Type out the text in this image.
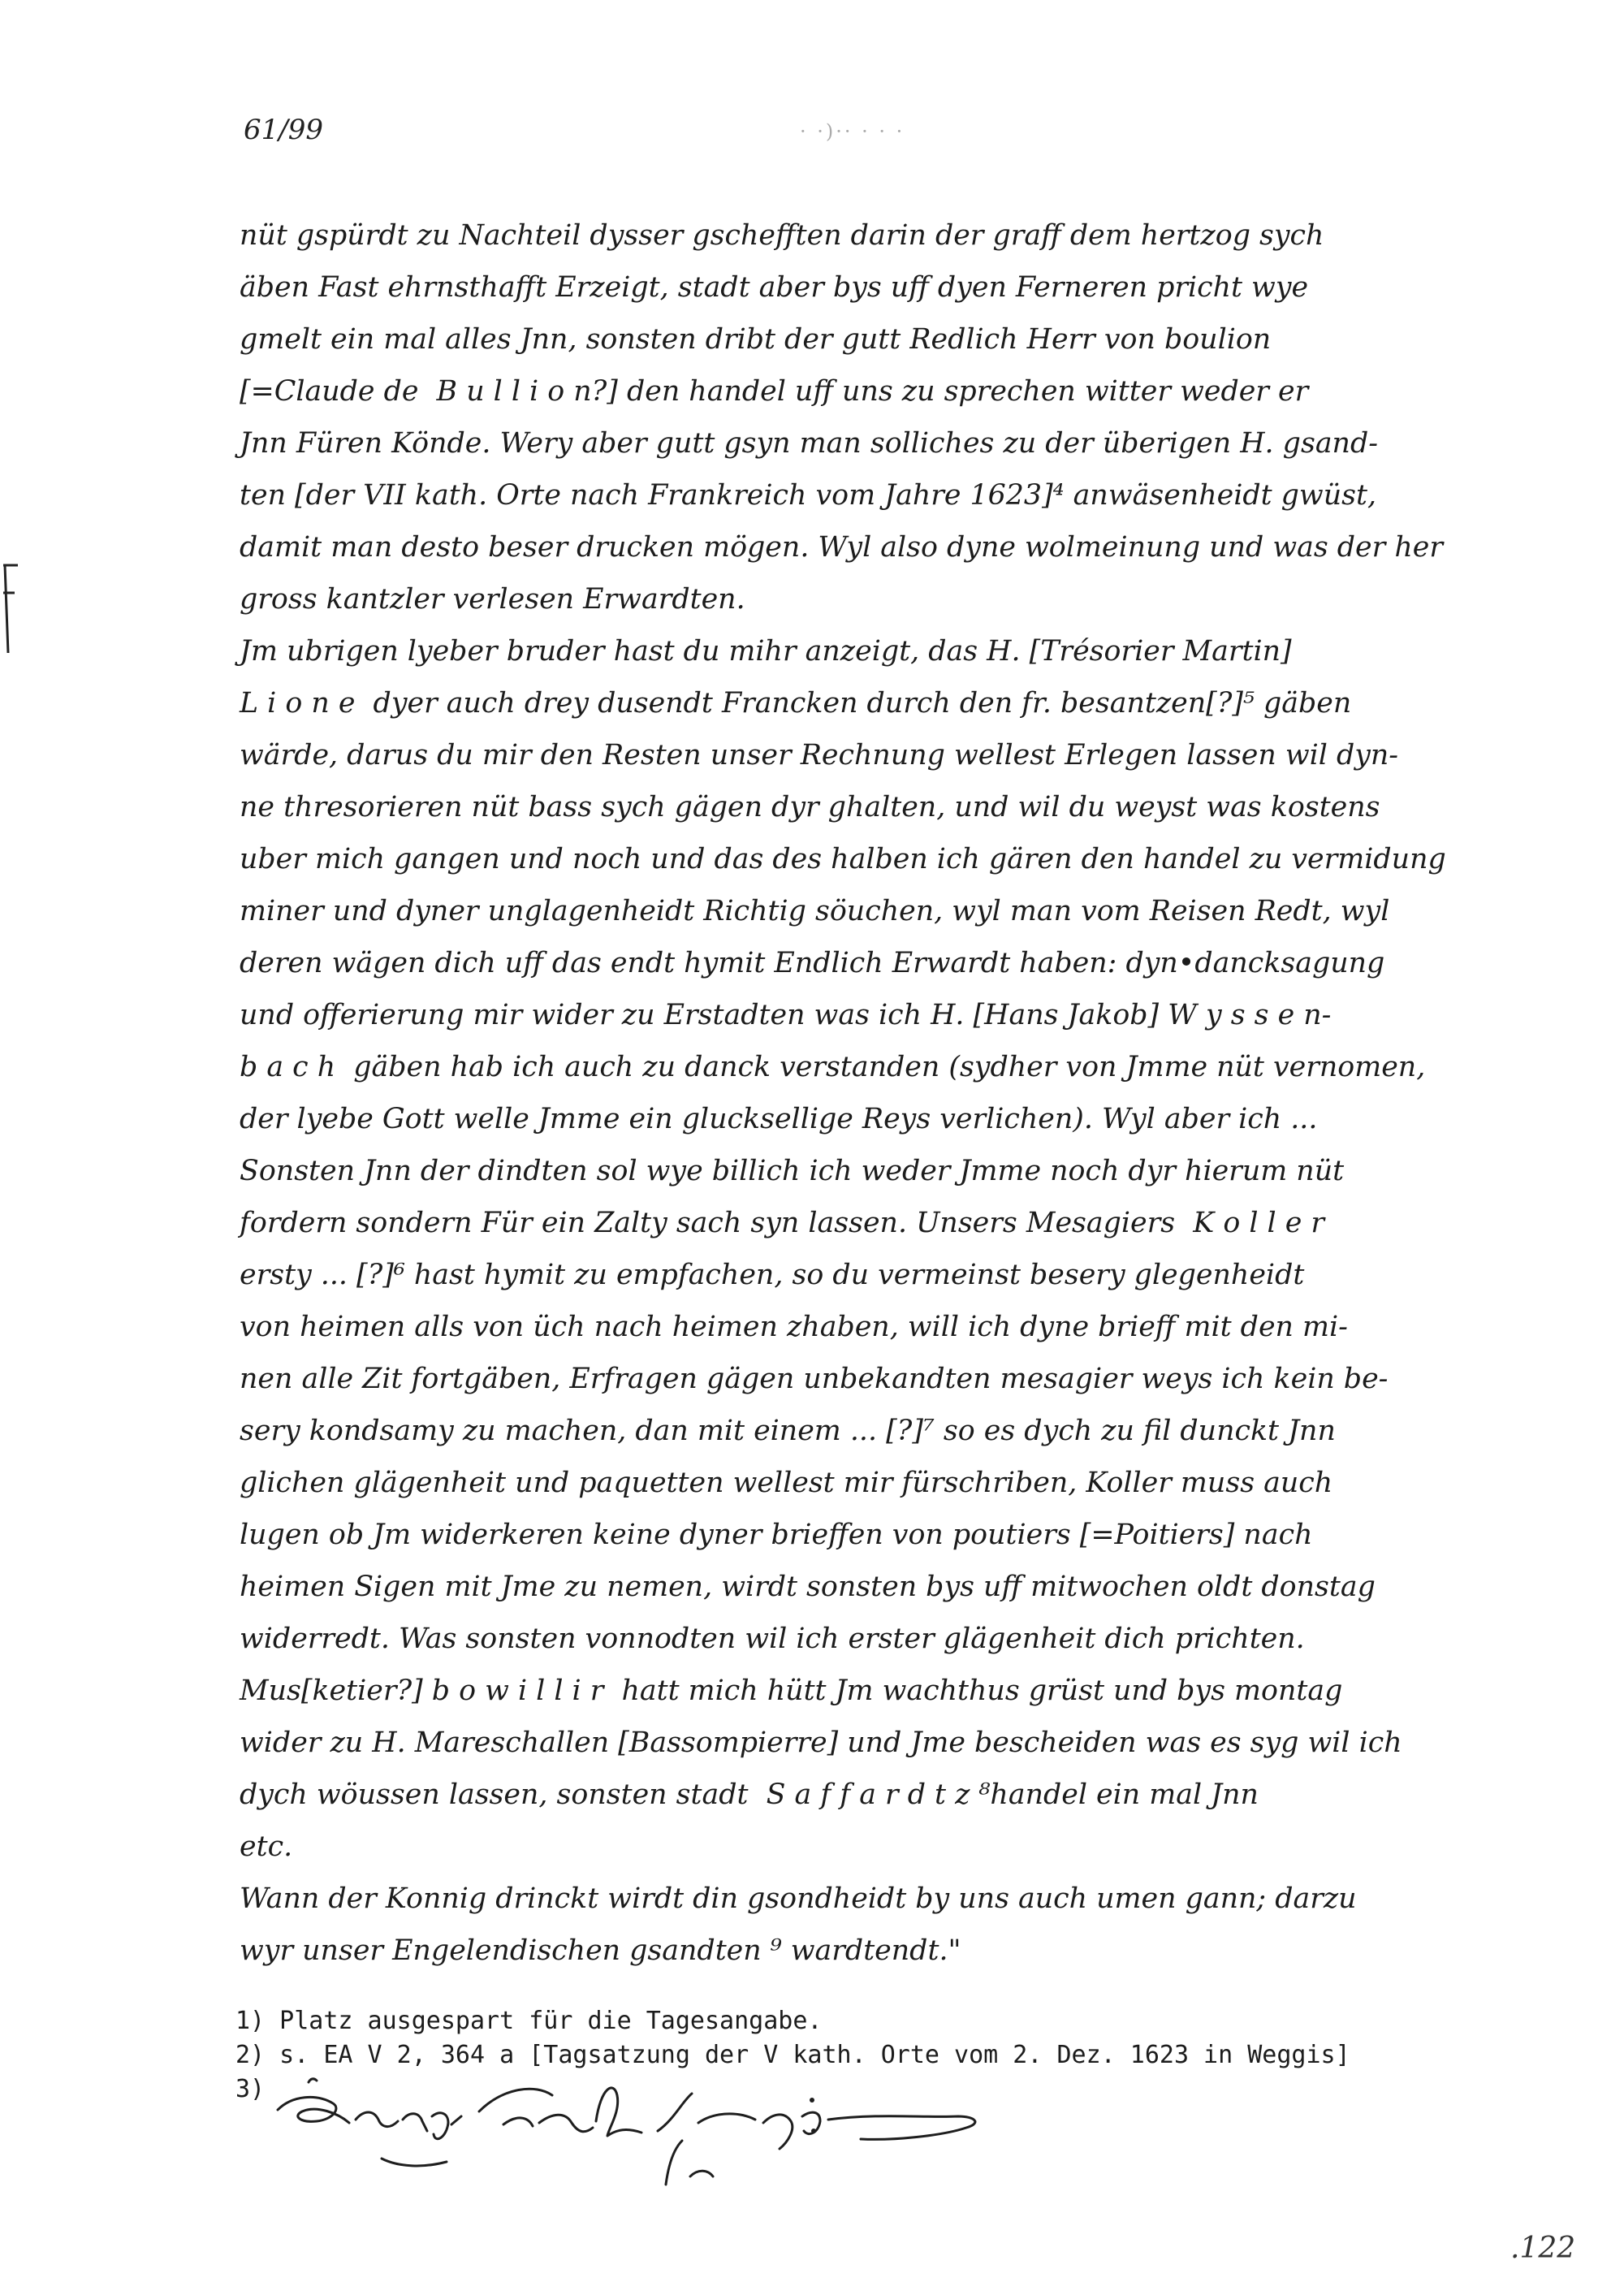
61/99	· ·)·· · · ·
nüt gspürdt zu Nachteil dysser gschefften darin der graff dem hertzog sych
äben Fast ehrnsthafft Erzeigt, stadt aber bys uff dyen Ferneren pricht wye
gmelt ein mal alles Jnn, sonsten dribt der gutt Redlich Herr von boulion
[=Claude de  B u l l i o n?] den handel uff uns zu sprechen witter weder er
Jnn Füren Könde. Wery aber gutt gsyn man solliches zu der überigen H. gsand-
ten [der VII kath. Orte nach Frankreich vom Jahre 1623]⁴ anwäsenheidt gwüst,
damit man desto beser drucken mögen. Wyl also dyne wolmeinung und was der her
gross kantzler verlesen Erwardten.
Jm ubrigen lyeber bruder hast du mihr anzeigt, das H. [Trésorier Martin]
L i o n e  dyer auch drey dusendt Francken durch den fr. besantzen[?]⁵ gäben
wärde, darus du mir den Resten unser Rechnung wellest Erlegen lassen wil dyn-
ne thresorieren nüt bass sych gägen dyr ghalten, und wil du weyst was kostens
uber mich gangen und noch und das des halben ich gären den handel zu vermidung
miner und dyner unglagenheidt Richtig söuchen, wyl man vom Reisen Redt, wyl
deren wägen dich uff das endt hymit Endlich Erwardt haben: dyn•dancksagung
und offerierung mir wider zu Erstadten was ich H. [Hans Jakob] W y s s e n-
b a c h  gäben hab ich auch zu danck verstanden (sydher von Jmme nüt vernomen,
der lyebe Gott welle Jmme ein glucksellige Reys verlichen). Wyl aber ich ...
Sonsten Jnn der dindten sol wye billich ich weder Jmme noch dyr hierum nüt
fordern sondern Für ein Zalty sach syn lassen. Unsers Mesagiers  K o l l e r
ersty ... [?]⁶ hast hymit zu empfachen, so du vermeinst besery glegenheidt
von heimen alls von üch nach heimen zhaben, will ich dyne brieff mit den mi-
nen alle Zit fortgäben, Erfragen gägen unbekandten mesagier weys ich kein be-
sery kondsamy zu machen, dan mit einem ... [?]⁷ so es dych zu fil dunckt Jnn
glichen glägenheit und paquetten wellest mir fürschriben, Koller muss auch
lugen ob Jm widerkeren keine dyner brieffen von poutiers [=Poitiers] nach
heimen Sigen mit Jme zu nemen, wirdt sonsten bys uff mitwochen oldt donstag
widerredt. Was sonsten vonnodten wil ich erster glägenheit dich prichten.
Mus[ketier?] b o w i l l i r  hatt mich hütt Jm wachthus grüst und bys montag
wider zu H. Mareschallen [Bassompierre] und Jme bescheiden was es syg wil ich
dych wöussen lassen, sonsten stadt  S a f f a r d t z ⁸handel ein mal Jnn
etc.
Wann der Konnig drinckt wirdt din gsondheidt by uns auch umen gann; darzu
wyr unser Engelendischen gsandten ⁹ wardtendt."
1) Platz ausgespart für die Tagesangabe.
2) s. EA V 2, 364 a [Tagsatzung der V kath. Orte vom 2. Dez. 1623 in Weggis]
3)
.122
